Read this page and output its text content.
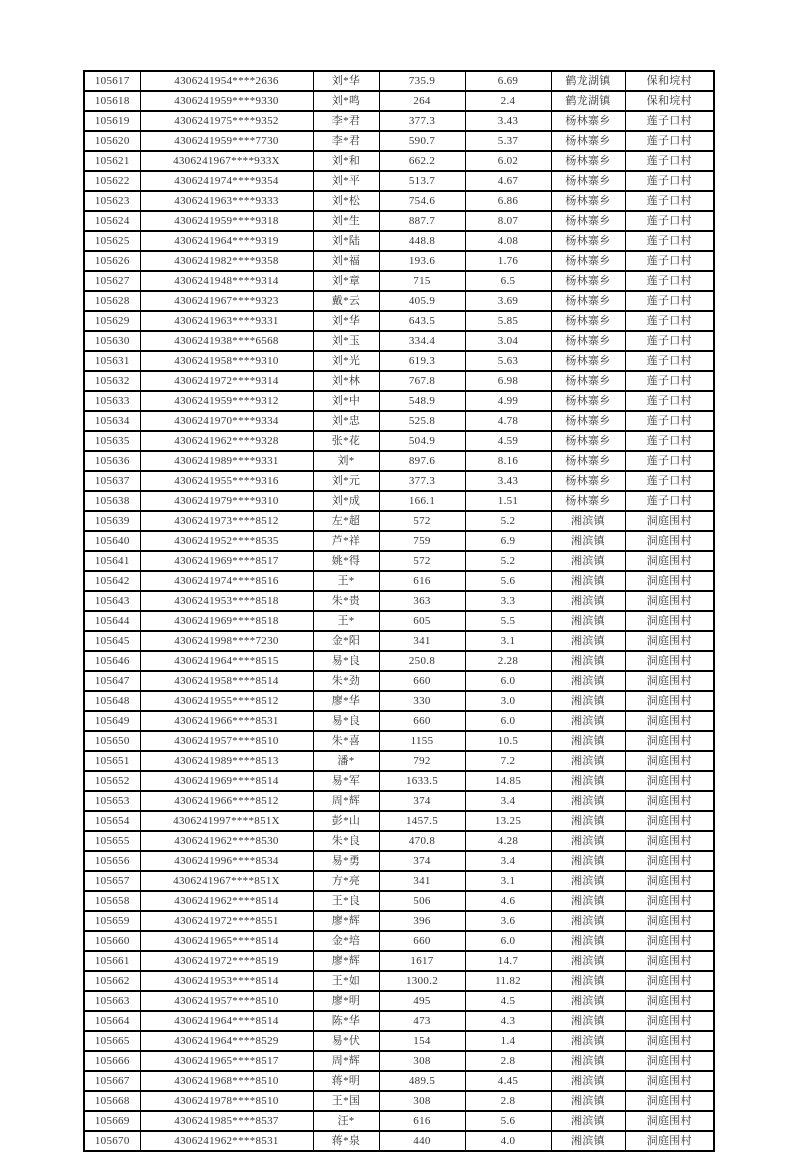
105617	4306241954****2636	刘*华	735.9	6.69	鹤龙湖镇	保和垸村
105618	4306241959****9330	刘*鸣	264	2.4	鹤龙湖镇	保和垸村
105619	4306241975****9352	李*君	377.3	3.43	杨林寨乡	莲子口村
105620	4306241959****7730	李*君	590.7	5.37	杨林寨乡	莲子口村
105621	4306241967****933X	刘*和	662.2	6.02	杨林寨乡	莲子口村
105622	4306241974****9354	刘*平	513.7	4.67	杨林寨乡	莲子口村
105623	4306241963****9333	刘*松	754.6	6.86	杨林寨乡	莲子口村
105624	4306241959****9318	刘*生	887.7	8.07	杨林寨乡	莲子口村
105625	4306241964****9319	刘*陆	448.8	4.08	杨林寨乡	莲子口村
105626	4306241982****9358	刘*福	193.6	1.76	杨林寨乡	莲子口村
105627	4306241948****9314	刘*章	715	6.5	杨林寨乡	莲子口村
105628	4306241967****9323	戴*云	405.9	3.69	杨林寨乡	莲子口村
105629	4306241963****9331	刘*华	643.5	5.85	杨林寨乡	莲子口村
105630	4306241938****6568	刘*玉	334.4	3.04	杨林寨乡	莲子口村
105631	4306241958****9310	刘*光	619.3	5.63	杨林寨乡	莲子口村
105632	4306241972****9314	刘*林	767.8	6.98	杨林寨乡	莲子口村
105633	4306241959****9312	刘*中	548.9	4.99	杨林寨乡	莲子口村
105634	4306241970****9334	刘*忠	525.8	4.78	杨林寨乡	莲子口村
105635	4306241962****9328	张*花	504.9	4.59	杨林寨乡	莲子口村
105636	4306241989****9331	刘*	897.6	8.16	杨林寨乡	莲子口村
105637	4306241955****9316	刘*元	377.3	3.43	杨林寨乡	莲子口村
105638	4306241979****9310	刘*成	166.1	1.51	杨林寨乡	莲子口村
105639	4306241973****8512	左*超	572	5.2	湘滨镇	洞庭围村
105640	4306241952****8535	芦*祥	759	6.9	湘滨镇	洞庭围村
105641	4306241969****8517	姚*得	572	5.2	湘滨镇	洞庭围村
105642	4306241974****8516	王*	616	5.6	湘滨镇	洞庭围村
105643	4306241953****8518	朱*贵	363	3.3	湘滨镇	洞庭围村
105644	4306241969****8518	王*	605	5.5	湘滨镇	洞庭围村
105645	4306241998****7230	金*阳	341	3.1	湘滨镇	洞庭围村
105646	4306241964****8515	易*良	250.8	2.28	湘滨镇	洞庭围村
105647	4306241958****8514	朱*劲	660	6.0	湘滨镇	洞庭围村
105648	4306241955****8512	廖*华	330	3.0	湘滨镇	洞庭围村
105649	4306241966****8531	易*良	660	6.0	湘滨镇	洞庭围村
105650	4306241957****8510	朱*喜	1155	10.5	湘滨镇	洞庭围村
105651	4306241989****8513	潘*	792	7.2	湘滨镇	洞庭围村
105652	4306241969****8514	易*军	1633.5	14.85	湘滨镇	洞庭围村
105653	4306241966****8512	周*辉	374	3.4	湘滨镇	洞庭围村
105654	4306241997****851X	彭*山	1457.5	13.25	湘滨镇	洞庭围村
105655	4306241962****8530	朱*良	470.8	4.28	湘滨镇	洞庭围村
105656	4306241996****8534	易*勇	374	3.4	湘滨镇	洞庭围村
105657	4306241967****851X	方*亮	341	3.1	湘滨镇	洞庭围村
105658	4306241962****8514	王*良	506	4.6	湘滨镇	洞庭围村
105659	4306241972****8551	廖*辉	396	3.6	湘滨镇	洞庭围村
105660	4306241965****8514	金*培	660	6.0	湘滨镇	洞庭围村
105661	4306241972****8519	廖*辉	1617	14.7	湘滨镇	洞庭围村
105662	4306241953****8514	王*如	1300.2	11.82	湘滨镇	洞庭围村
105663	4306241957****8510	廖*明	495	4.5	湘滨镇	洞庭围村
105664	4306241964****8514	陈*华	473	4.3	湘滨镇	洞庭围村
105665	4306241964****8529	易*伏	154	1.4	湘滨镇	洞庭围村
105666	4306241965****8517	周*辉	308	2.8	湘滨镇	洞庭围村
105667	4306241968****8510	蒋*明	489.5	4.45	湘滨镇	洞庭围村
105668	4306241978****8510	王*国	308	2.8	湘滨镇	洞庭围村
105669	4306241985****8537	汪*	616	5.6	湘滨镇	洞庭围村
105670	4306241962****8531	蒋*泉	440	4.0	湘滨镇	洞庭围村
